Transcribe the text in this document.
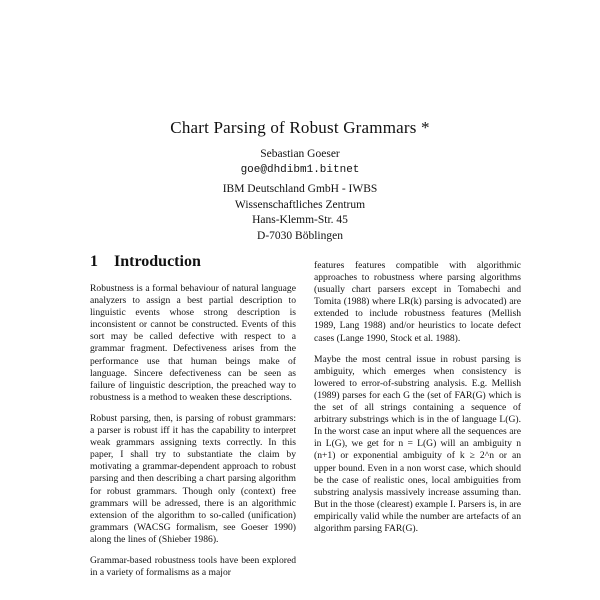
Chart Parsing of Robust Grammars *
Sebastian Goeser
goe@dhdibm1.bitnet
IBM Deutschland GmbH - IWBS
Wissenschaftliches Zentrum
Hans-Klemm-Str. 45
D-7030 Böblingen
1 Introduction

Robustness is a formal behaviour of natural language analyzers to assign a best partial description to linguistic events whose strong description is inconsistent or cannot be constructed. Events of this sort may be called defective with respect to a grammar fragment. Defectiveness arises from the performance use that human beings make of language. Sincere defectiveness can be seen as failure of linguistic description, the preached way to robustness is a method to weaken these descriptions.

Robust parsing, then, is parsing of robust grammars: a parser is robust iff it has the capability to interpret weak grammars assigning texts correctly. In this paper, I shall try to substantiate the claim by motivating a grammar-dependent approach to robust parsing and then describing a chart parsing algorithm for robust grammars. Though only (context) free grammars will be adressed, there is an algorithmic extension of the algorithm to so-called (unification) grammars (WACSG formalism, see Goeser 1990) along the lines of (Shieber 1986).

Grammar-based robustness tools have been explored in a variety of formalisms as a major

features features compatible with algorithmic approaches to robustness where parsing algorithms (usually chart parsers except in Tomabechi and Tomita (1988) where LR(k) parsing is advocated) are extended to include robustness features (Mellish 1989, Lang 1988) and/or heuristics to locate defect cases (Lange 1990, Stock et al. 1988).

Maybe the most central issue in robust parsing is ambiguity, which emerges when consistency is lowered to error-of-substring analysis. E.g. Mellish (1989) parses for each G the (set of FAR(G) which is the set of all strings containing a sequence of arbitrary substrings which is in the of language L(G). In the worst case an input where all the sequences are in L(G), we get for n = L(G) will an ambiguity n (n+1) or exponential ambiguity of k ≥ 2^n or an upper bound. Even in a non worst case, which should be the case of realistic ones, local ambiguities from substring analysis massively increase assuming than. But in the those (clearest) example I. Parsers is, in are empirically valid while the number are artefacts of an algorithm parsing FAR(G).
